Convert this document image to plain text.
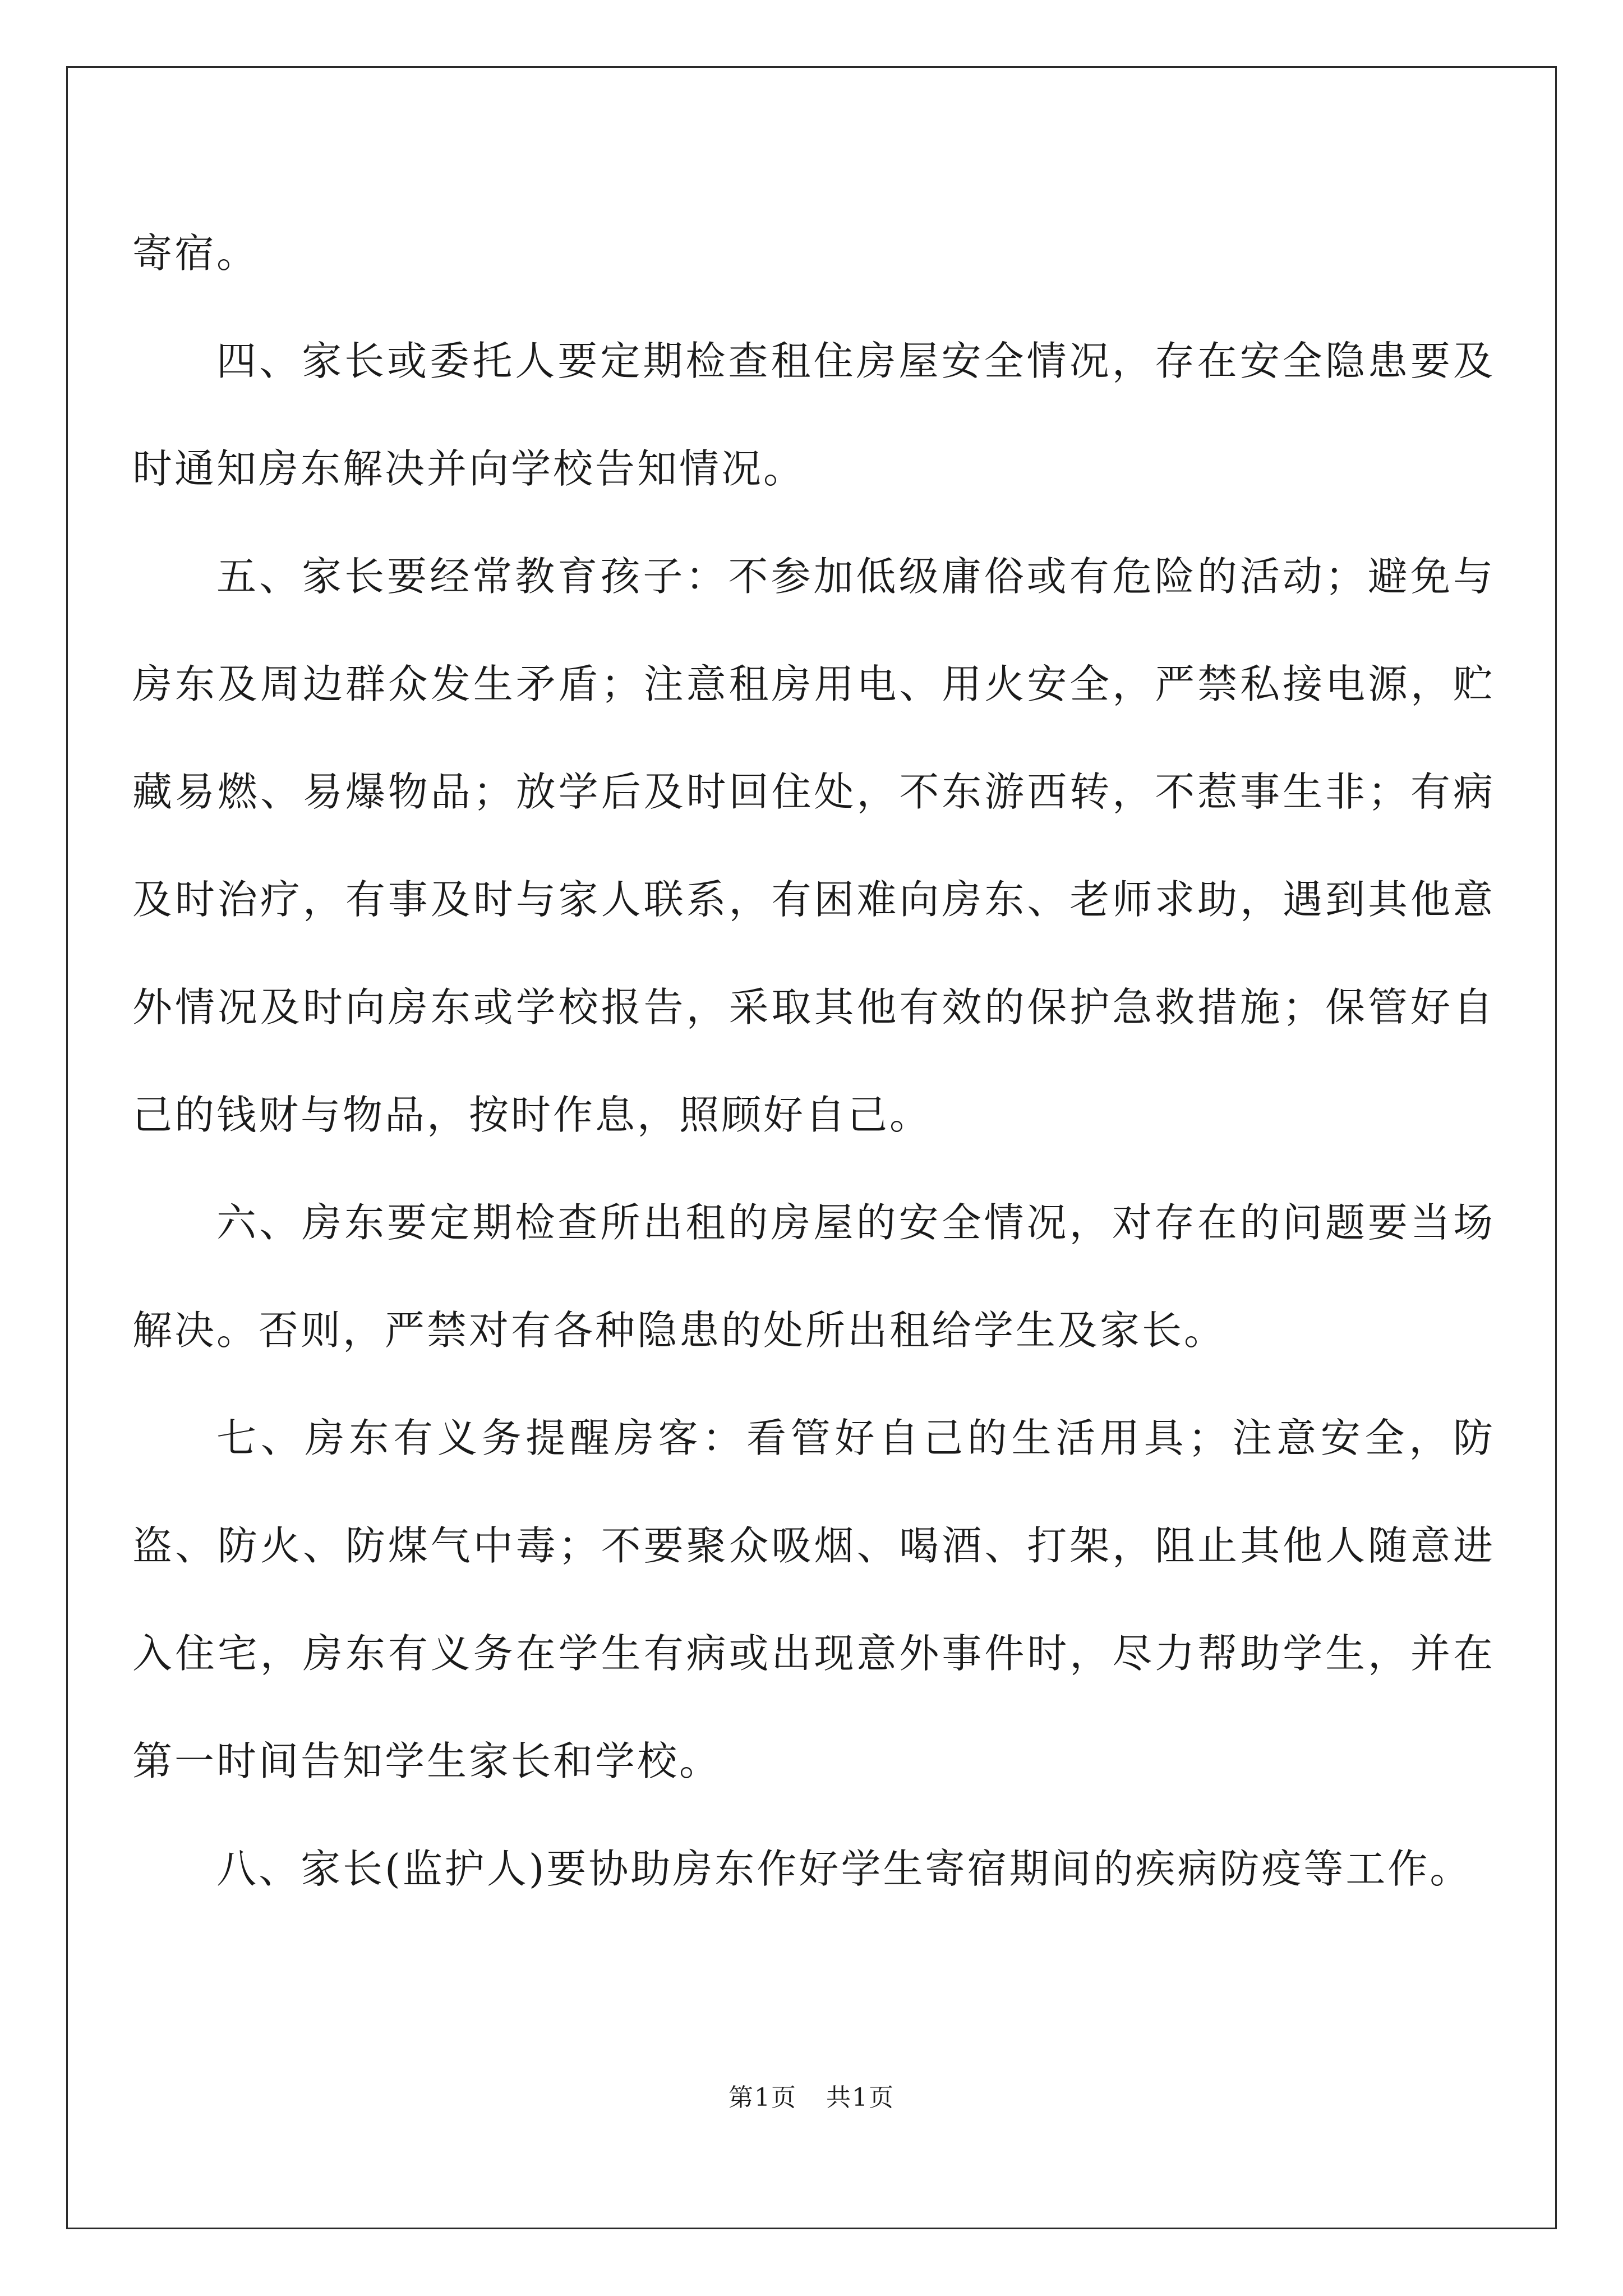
寄宿。

四、家长或委托人要定期检查租住房屋安全情况，存在安全隐患要及时通知房东解决并向学校告知情况。

五、家长要经常教育孩子：不参加低级庸俗或有危险的活动；避免与房东及周边群众发生矛盾；注意租房用电、用火安全，严禁私接电源，贮藏易燃、易爆物品；放学后及时回住处，不东游西转，不惹事生非；有病及时治疗，有事及时与家人联系，有困难向房东、老师求助，遇到其他意外情况及时向房东或学校报告，采取其他有效的保护急救措施；保管好自己的钱财与物品，按时作息，照顾好自己。

六、房东要定期检查所出租的房屋的安全情况，对存在的问题要当场解决。否则，严禁对有各种隐患的处所出租给学生及家长。

七、房东有义务提醒房客：看管好自己的生活用具；注意安全，防盗、防火、防煤气中毒；不要聚众吸烟、喝酒、打架，阻止其他人随意进入住宅，房东有义务在学生有病或出现意外事件时，尽力帮助学生，并在第一时间告知学生家长和学校。

八、家长(监护人)要协助房东作好学生寄宿期间的疾病防疫等工作。

第1页 共1页
